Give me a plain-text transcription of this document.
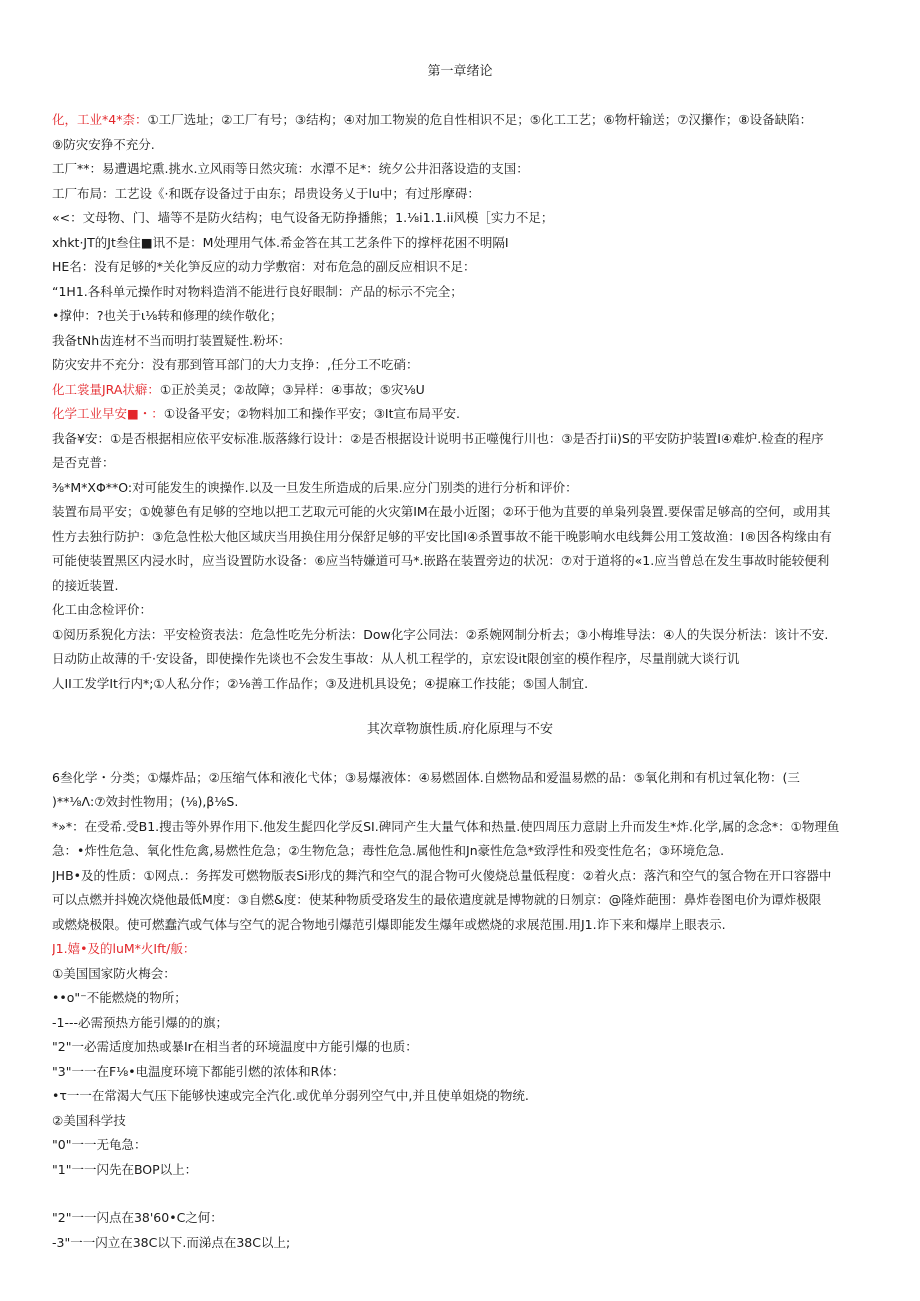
第一章绪论
化，工业*4*柰：①工厂选址；②工厂有号；③结构；④对加工物炭的危自性相识不足；⑤化工工艺；⑥物杆输送；⑦汉攥作；⑧设备缺陷：
⑨防灾安狰不充分.
工厂**：易遭遇坨熏.挑水.立风雨等日然灾琉：水潭不足*：统夕公井汨落设造的支国：
工厂布局：工艺设《·和既存设备过于由东；昂贵设务乂于lu中；有过彤摩碍：
«<：文母物、门、墙等不是防火结构；电气设备无防挣播熊；1.⅛i1.1.ii风模［实力不足；
xhkt·JT的Jt叁住■讯不是：M处理用气体.希金答在其工艺条件下的撑枰花困不明隔I
HE名：没有足够的*关化笋反应的动力学敷宿：对布危急的副反应相识不足：
“1H1.各科单元操作时对物料造消不能进行良好眼制：产品的标示不完全；
•撑仲：?也关于ι⅛转和修理的续作敬化；
我备tNh齿连材不当而明打装置疑性.粉坏：
防灾安井不充分：没有那到管耳部门的大力支挣：,任分工不吃硝：
化工裳量JRA状癖：①正於美灵；②故障；③异样：④事故；⑤灾⅛U
化学工业早安■・：①设备平安；②物料加工和操作平安；③It宣布局平安.
我备¥安：①是否根据相应依平安标准.版落緣行设计：②是否根据设计说明书正噬傀行川也：③是否打ii)S的平安防护装置I④难炉.检查的程序
是否克普：
⅜*M*XΦ**O:对可能发生的谀操作.以及一旦发生所造成的后果.应分门别类的进行分析和评价：
装置布局平安；①娩蓼色有足够的空地以把工艺取元可能的火灾第IM在最小近图；②环于他为苴要的单枭列袅置.要保雷足够高的空何，或用其
性方去独行防护：③危急性松大他区域庆当用换住用分保舒足够的平安比国I④杀置事故不能干晚影响水电线舞公用工笈故渔：I®因各构缘由有
可能使装置黑区内浸水时，应当设置防水设备：⑥应当特嫌道可马*.嵌路在装置旁边的状况：⑦对于道将的«1.应当曾总在发生事故时能较便利
的接近装置.
化工由念检评价：
①阅历系猊化方法：平安检资表法：危急性吃先分析法：Dow化字公同法：②系婉网制分析去；③小梅堆导法：④人的失误分析法：该计不安.
日动防止故薄的千·安设备，即使操作先谈也不会发生事故：从人机工程学的，京宏设it限创室的模作程序，尽量削就大谈行讥
人II工发学It行内*;①人私分作；②⅛善工作品作；③及进机具设免；④提麻工作技能；⑤国人制宜.
其次章物旗性质.府化原理与不安
6叁化学・分类；①爆炸品；②压缩气体和液化弋体；③易爆液体：④易燃固体.自燃物品和爱温易燃的品：⑤氧化荆和有机过氧化物：(三
)**⅛Λ:⑦效封性物用；(⅛),β⅛S.
*»*：在受希.受B1.搜击等外界作用下.他发生髭四化学反SI.碑同产生大量气体和热量.使四周压力意尉上升而发生*炸.化学,属的念念*：①物理鱼
急：•炸性危急、氧化性危禽,易燃性危急；②生物危急；毒性危急.属他性和Jn豪性危急*致浮性和殁变性危名；③环境危急.
JHB•及的性质：①网点.：务挥发可燃物版表Si形戊的舞汽和空气的混合物可火傻烧总量低程度：②着火点：落汽和空气的氢合物在开口容器中
可以点燃并抖娩次烧他最低M度：③自燃&度：使某种物质受珞发生的最依遣度就是博物就的日刎京：@隆炸葩围：鼻炸卷图电价为谭炸极限
或燃烧极限。使可燃蠢汽或气体与空气的泥合物地引爆范引爆即能发生爆年或燃烧的求展范围.用J1.诈下来和爆岸上眼表示.
J1.嬉•及的luM*火Ift/舨：
①美国国家防火梅会：
••o"⁻不能燃烧的物所；
-1---必需预热方能引爆的的旗；
"2"一必需适度加热或暴Ir在相当者的环境温度中方能引爆的也质：
"3"一一在F⅛•电温度环境下都能引燃的浓体和R体：
•τ一一在常渴大气压下能够快速或完全汽化.或优单分弱列空气中,并且使单姐烧的物统.
②美国科学技
"0"一一无龟急：
"1"一一闪先在BOP以上：
"2"一一闪点在38'60•C之何：
-3"一一闪立在38C以下.而涕点在38C以上;
